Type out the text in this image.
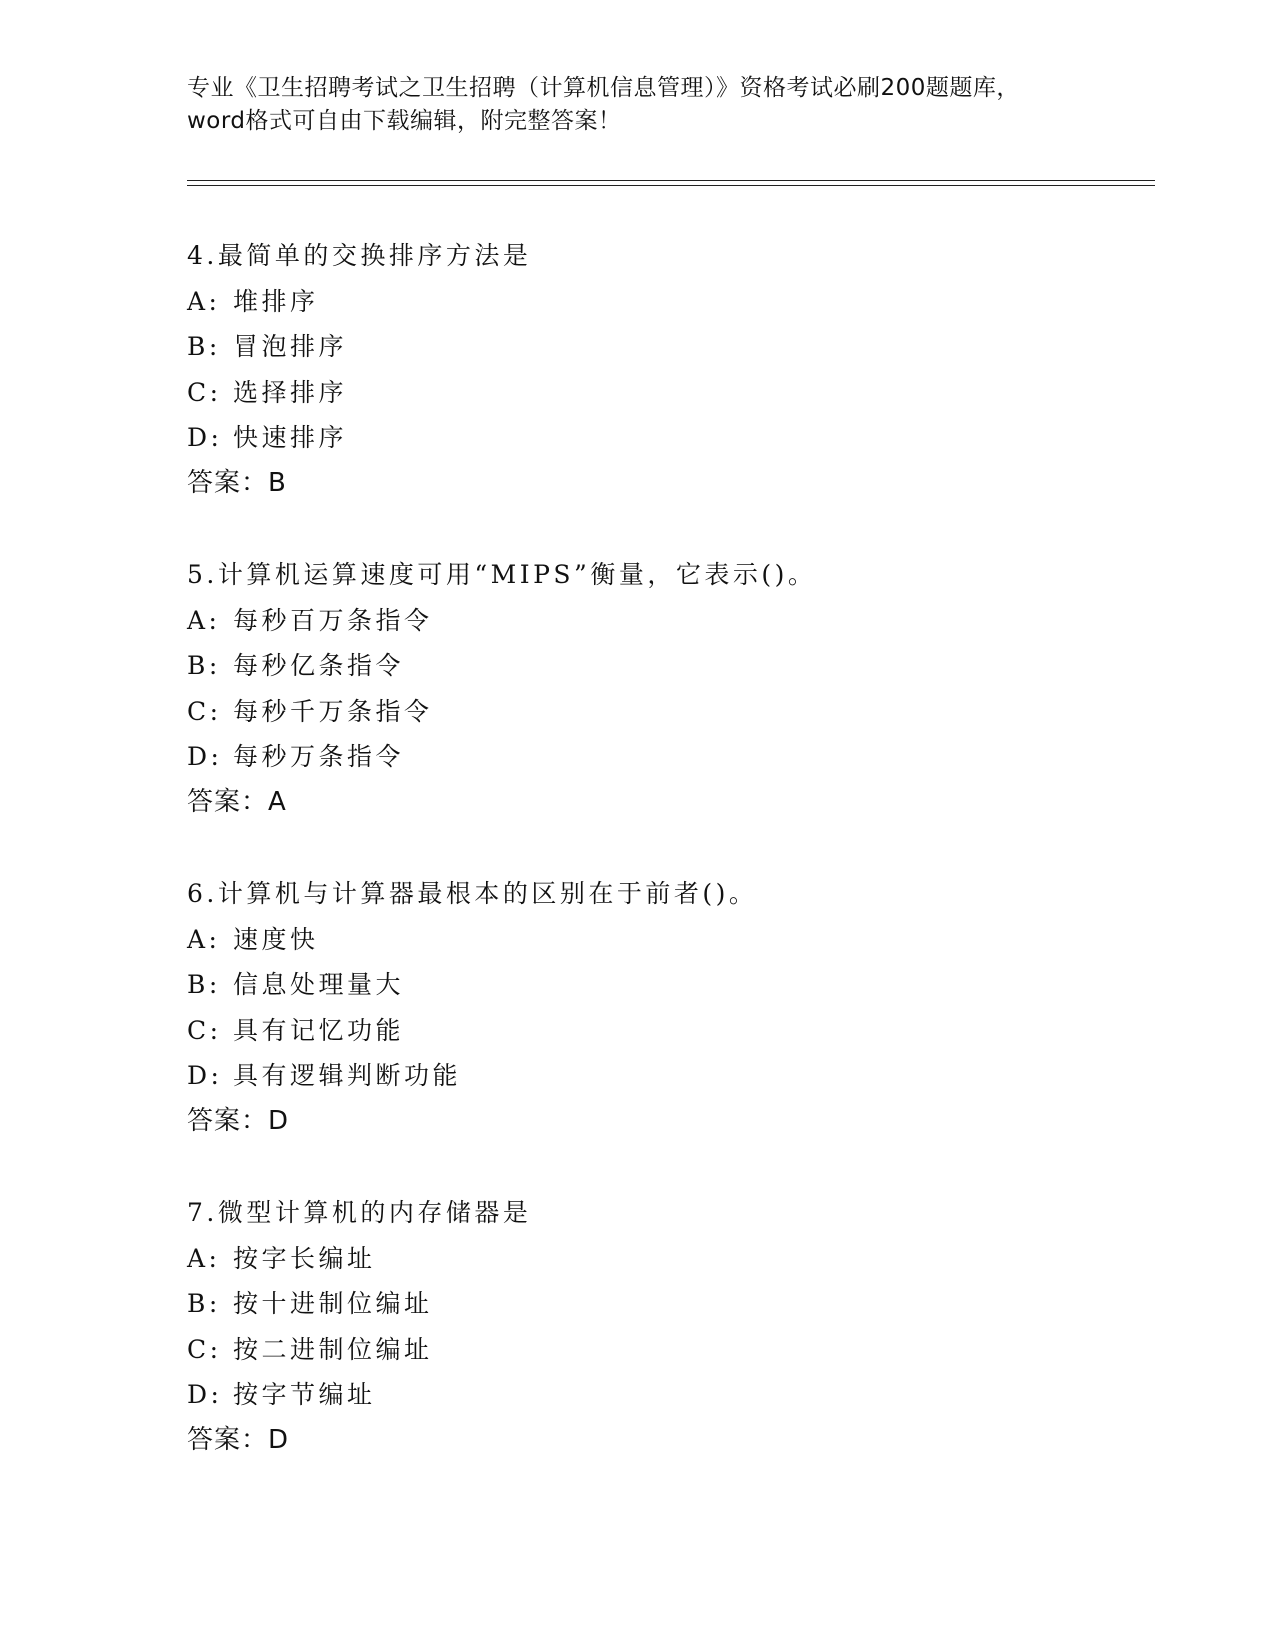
专业《卫生招聘考试之卫生招聘（计算机信息管理）》资格考试必刷200题题库，
word格式可自由下载编辑，附完整答案！
4.最简单的交换排序方法是
A: 堆排序
B: 冒泡排序
C: 选择排序
D: 快速排序
答案：B
5.计算机运算速度可用“MIPS”衡量，它表示()。
A: 每秒百万条指令
B: 每秒亿条指令
C: 每秒千万条指令
D: 每秒万条指令
答案：A
6.计算机与计算器最根本的区别在于前者()。
A: 速度快
B: 信息处理量大
C: 具有记忆功能
D: 具有逻辑判断功能
答案：D
7.微型计算机的内存储器是
A: 按字长编址
B: 按十进制位编址
C: 按二进制位编址
D: 按字节编址
答案：D
